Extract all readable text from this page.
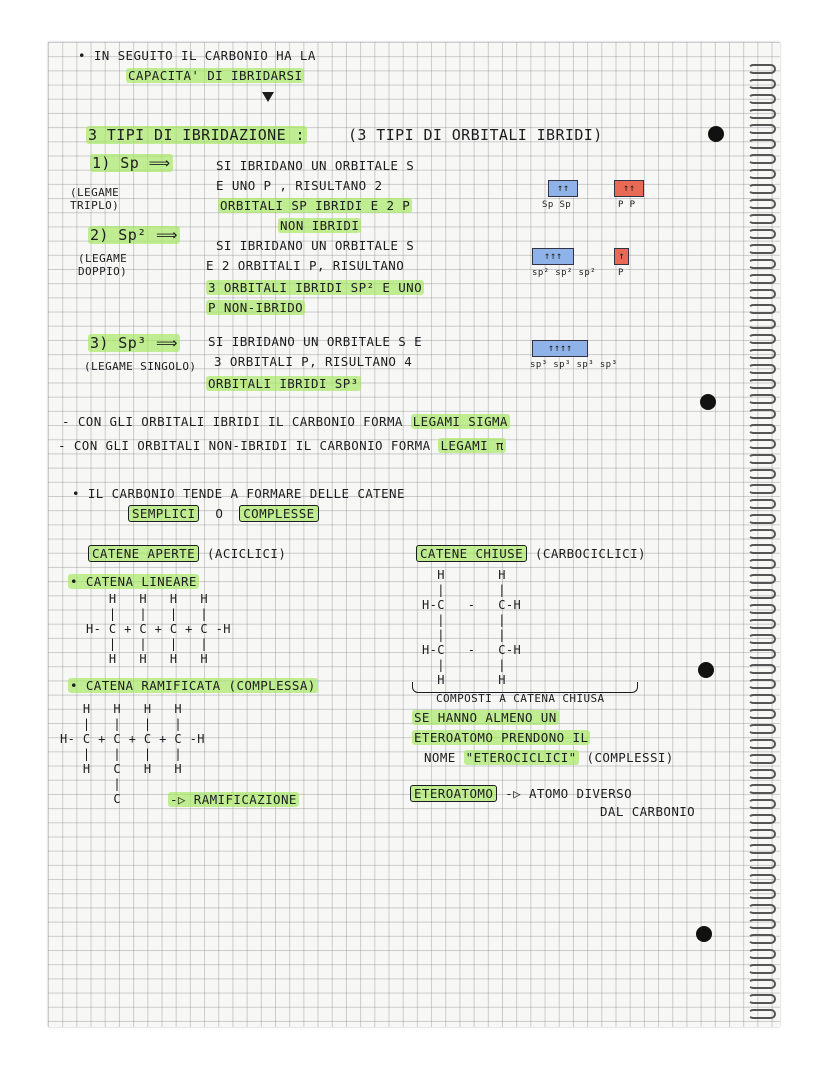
• IN SEGUITO IL CARBONIO HA LA
CAPACITA' DI IBRIDARSI
3 TIPI DI IBRIDAZIONE :	(3 TIPI DI ORBITALI IBRIDI)
1) Sp ⟹
(LEGAME TRIPLO)
SI IBRIDANO UN ORBITALE S
E UNO P , RISULTANO 2
ORBITALI SP IBRIDI E 2 P
NON IBRIDI
↑↑	↑↑
Sp Sp	P P
2) Sp² ⟹
(LEGAME DOPPIO)
SI IBRIDANO UN ORBITALE S
E 2 ORBITALI P, RISULTANO
3 ORBITALI IBRIDI SP² E UNO
P NON-IBRIDO
↑↑↑	↑
sp² sp² sp² P
3) Sp³ ⟹
(LEGAME SINGOLO)
SI IBRIDANO UN ORBITALE S E
3 ORBITALI P, RISULTANO 4
ORBITALI IBRIDI SP³
↑↑↑↑
sp³ sp³ sp³ sp³
- CON GLI ORBITALI IBRIDI IL CARBONIO FORMA LEGAMI SIGMA
- CON GLI ORBITALI NON-IBRIDI IL CARBONIO FORMA LEGAMI π
• IL CARBONIO TENDE A FORMARE DELLE CATENE
SEMPLICI O COMPLESSE
CATENE APERTE (ACICLICI)
• CATENA LINEARE
H   H   H   H
|   |   |   |
H- C + C + C + C -H
|   |   |   |
H   H   H   H
• CATENA RAMIFICATA (COMPLESSA)
H   H   H   H
|   |   |   |
H- C + C + C + C -H
|   |   |   |
H   C   H   H
|
C	-▷ RAMIFICAZIONE
CATENE CHIUSE (CARBOCICLICI)
H       H
|       |
H-C   -   C-H
|       |
|       |
H-C   -   C-H
|       |
H       H
COMPOSTI A CATENA CHIUSA
SE HANNO ALMENO UN
ETEROATOMO PRENDONO IL
NOME "ETEROCICLICI" (COMPLESSI)
ETEROATOMO -▷ ATOMO DIVERSO
DAL CARBONIO
